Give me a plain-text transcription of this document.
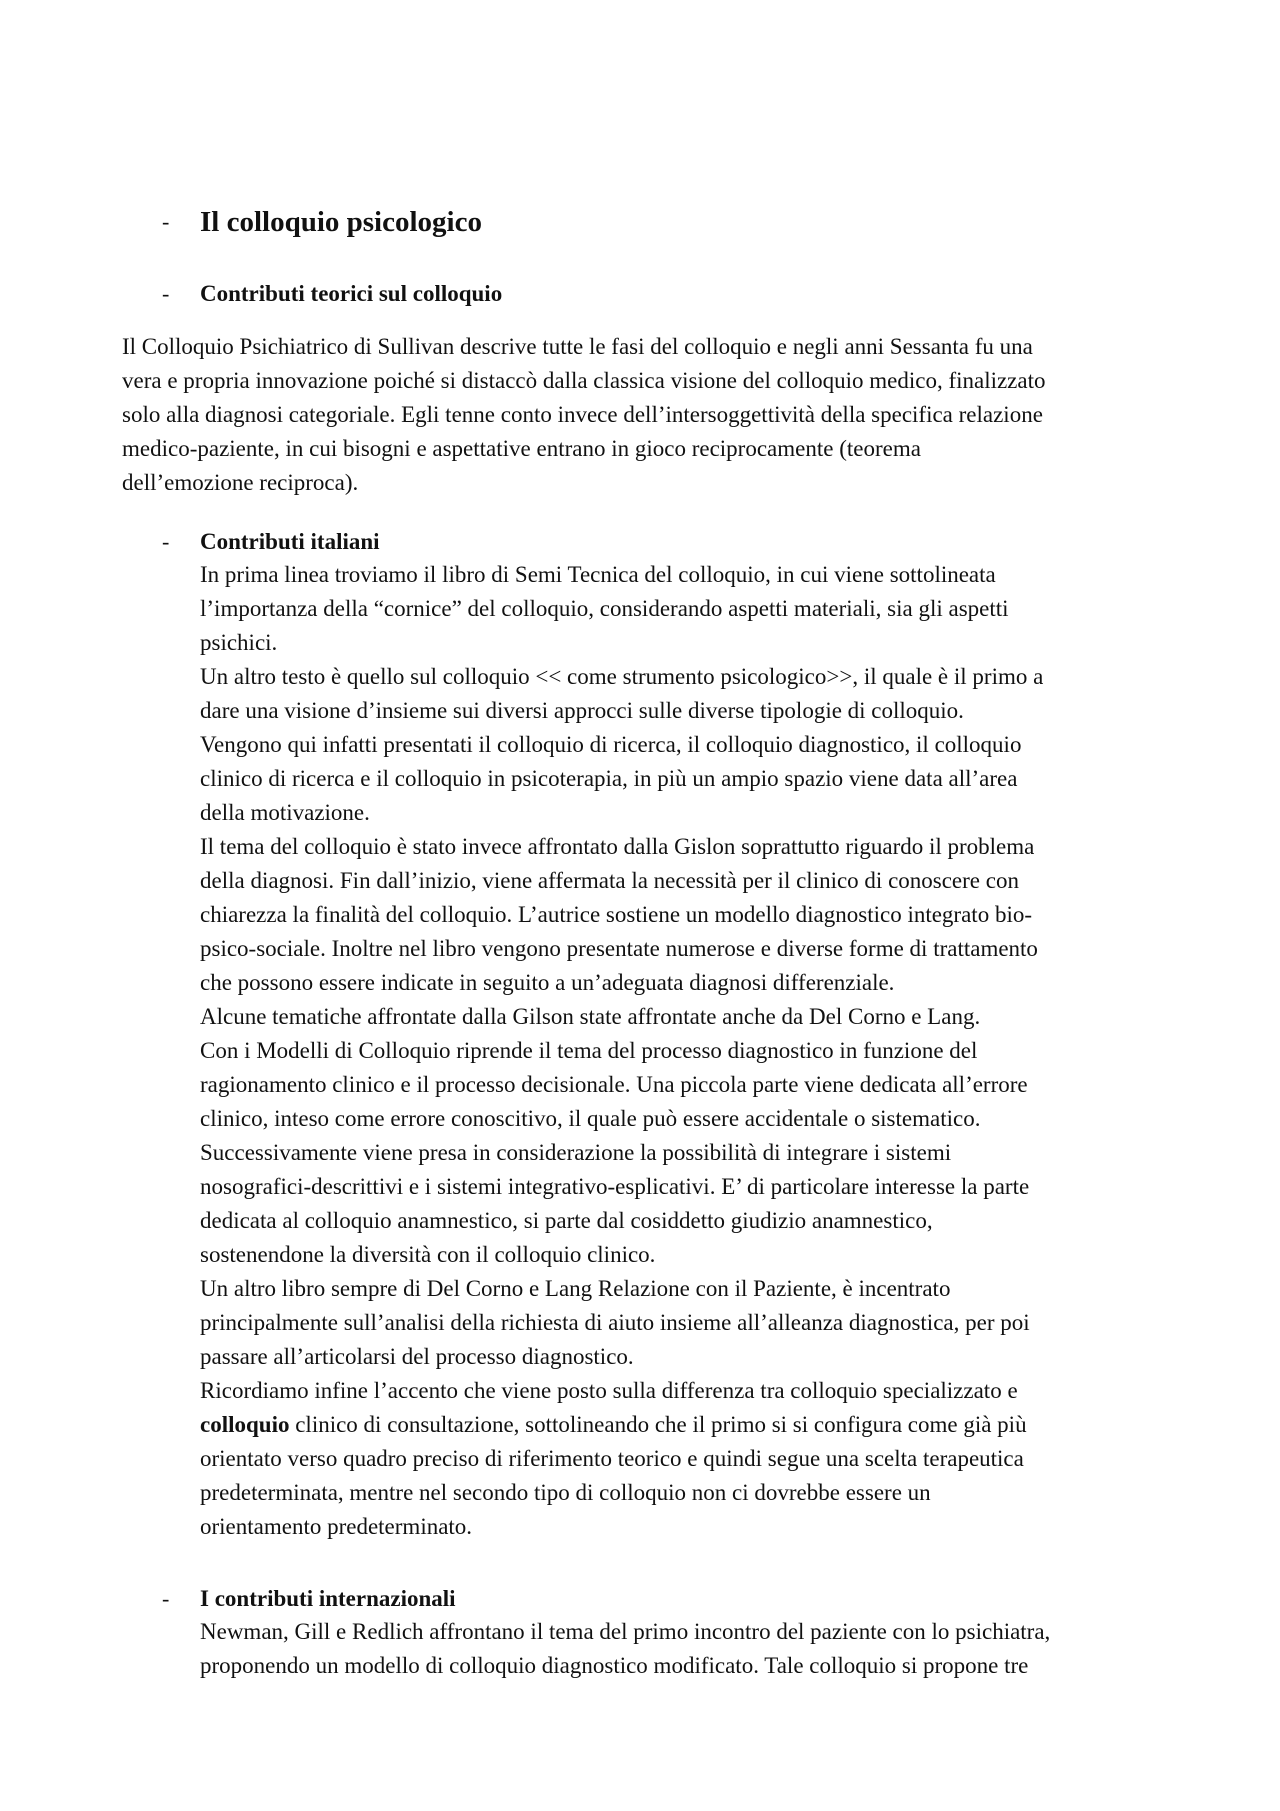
- Il colloquio psicologico
- Contributi teorici sul colloquio
Il Colloquio Psichiatrico di Sullivan descrive tutte le fasi del colloquio e negli anni Sessanta fu una
vera e propria innovazione poiché si distaccò dalla classica visione del colloquio medico, finalizzato
solo alla diagnosi categoriale. Egli tenne conto invece dell’intersoggettività della specifica relazione
medico-paziente, in cui bisogni e aspettative entrano in gioco reciprocamente (teorema
dell’emozione reciproca).
- Contributi italiani
In prima linea troviamo il libro di Semi Tecnica del colloquio, in cui viene sottolineata
l’importanza della “cornice” del colloquio, considerando aspetti materiali, sia gli aspetti
psichici.
Un altro testo è quello sul colloquio << come strumento psicologico>>, il quale è il primo a
dare una visione d’insieme sui diversi approcci sulle diverse tipologie di colloquio.
Vengono qui infatti presentati il colloquio di ricerca, il colloquio diagnostico, il colloquio
clinico di ricerca e il colloquio in psicoterapia, in più un ampio spazio viene data all’area
della motivazione.
Il tema del colloquio è stato invece affrontato dalla Gislon soprattutto riguardo il problema
della diagnosi. Fin dall’inizio, viene affermata la necessità per il clinico di conoscere con
chiarezza la finalità del colloquio. L’autrice sostiene un modello diagnostico integrato bio-
psico-sociale. Inoltre nel libro vengono presentate numerose e diverse forme di trattamento
che possono essere indicate in seguito a un’adeguata diagnosi differenziale.
Alcune tematiche affrontate dalla Gilson state affrontate anche da Del Corno e Lang.
Con i Modelli di Colloquio riprende il tema del processo diagnostico in funzione del
ragionamento clinico e il processo decisionale. Una piccola parte viene dedicata all’errore
clinico, inteso come errore conoscitivo, il quale può essere accidentale o sistematico.
Successivamente viene presa in considerazione la possibilità di integrare i sistemi
nosografici-descrittivi e i sistemi integrativo-esplicativi. E’ di particolare interesse la parte
dedicata al colloquio anamnestico, si parte dal cosiddetto giudizio anamnestico,
sostenendone la diversità con il colloquio clinico.
Un altro libro sempre di Del Corno e Lang Relazione con il Paziente, è incentrato
principalmente sull’analisi della richiesta di aiuto insieme all’alleanza diagnostica, per poi
passare all’articolarsi del processo diagnostico.
Ricordiamo infine l’accento che viene posto sulla differenza tra colloquio specializzato e
colloquio clinico di consultazione, sottolineando che il primo si si configura come già più
orientato verso quadro preciso di riferimento teorico e quindi segue una scelta terapeutica
predeterminata, mentre nel secondo tipo di colloquio non ci dovrebbe essere un
orientamento predeterminato.
- I contributi internazionali
Newman, Gill e Redlich affrontano il tema del primo incontro del paziente con lo psichiatra,
proponendo un modello di colloquio diagnostico modificato. Tale colloquio si propone tre
